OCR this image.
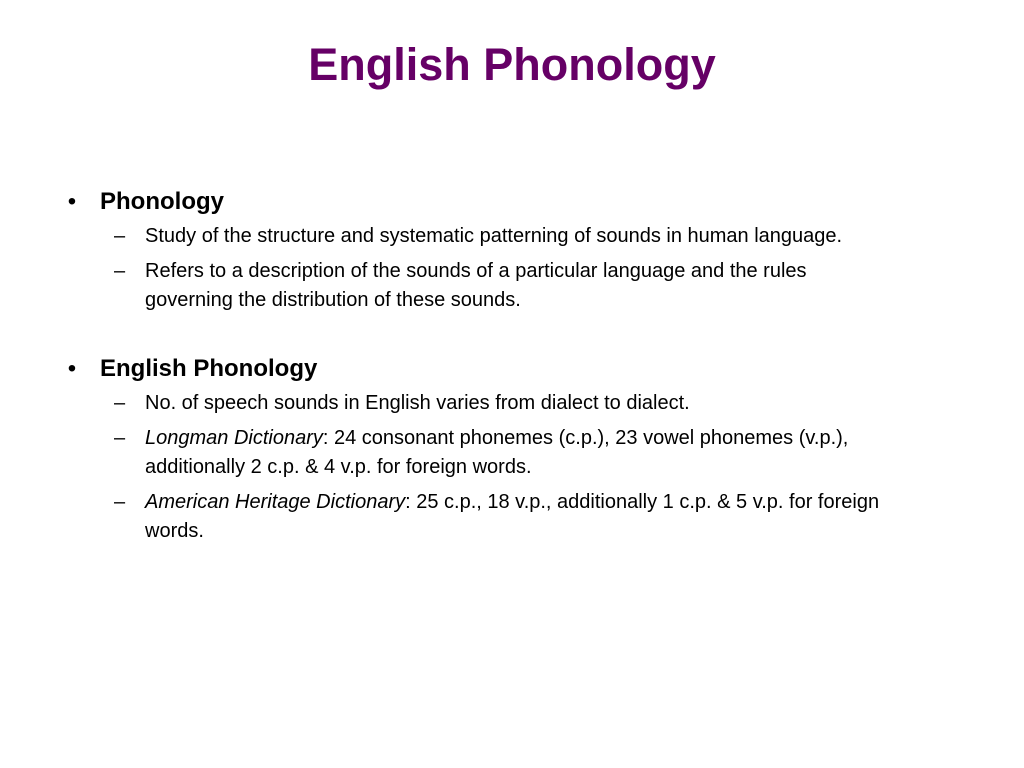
English Phonology
• Phonology
– Study of the structure and systematic patterning of sounds in human language.
– Refers to a description of the sounds of a particular language and the rules governing the distribution of these sounds.
• English Phonology
– No. of speech sounds in English varies from dialect to dialect.
– Longman Dictionary: 24 consonant phonemes (c.p.), 23 vowel phonemes (v.p.), additionally 2 c.p. & 4 v.p. for foreign words.
– American Heritage Dictionary: 25 c.p., 18 v.p., additionally 1 c.p. & 5 v.p. for foreign words.
